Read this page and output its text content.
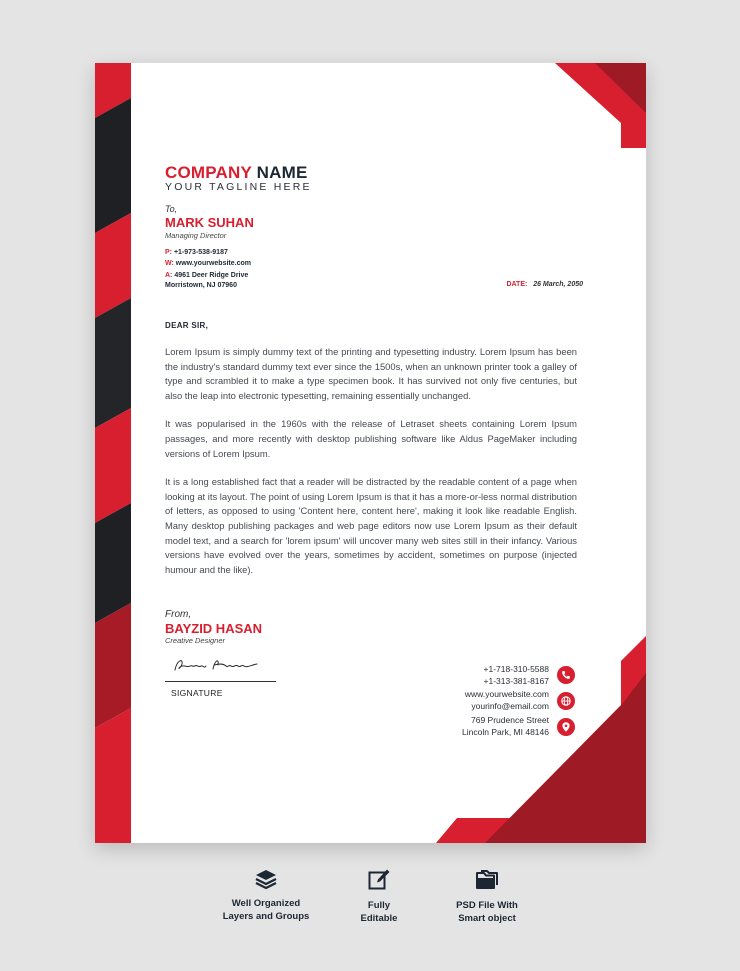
COMPANY NAME
YOUR TAGLINE HERE
To,
MARK SUHAN
Managing Director
P: +1-973-538-9187
W: www.yourwebsite.com
A: 4961 Deer Ridge Drive
Morristown, NJ 07960	DATE: 26 March, 2050
DEAR SIR,

Lorem Ipsum is simply dummy text of the printing and typesetting industry. Lorem Ipsum has been the industry's standard dummy text ever since the 1500s, when an unknown printer took a galley of type and scrambled it to make a type specimen book. It has survived not only five centuries, but also the leap into electronic typesetting, remaining essentially unchanged.

It was popularised in the 1960s with the release of Letraset sheets containing Lorem Ipsum passages, and more recently with desktop publishing software like Aldus PageMaker including versions of Lorem Ipsum.

It is a long established fact that a reader will be distracted by the readable content of a page when looking at its layout. The point of using Lorem Ipsum is that it has a more-or-less normal distribution of letters, as opposed to using 'Content here, content here', making it look like readable English. Many desktop publishing packages and web page editors now use Lorem Ipsum as their default model text, and a search for 'lorem ipsum' will uncover many web sites still in their infancy. Various versions have evolved over the years, sometimes by accident, sometimes on purpose (injected humour and the like).

From,
BAYZID HASAN
Creative Designer
SIGNATURE
+1-718-310-5588
+1-313-381-8167
www.yourwebsite.com
yourinfo@email.com
769 Prudence Street
Lincoln Park, MI 48146
Well Organized
Layers and Groups
Fully
Editable
PSD File With
Smart object
